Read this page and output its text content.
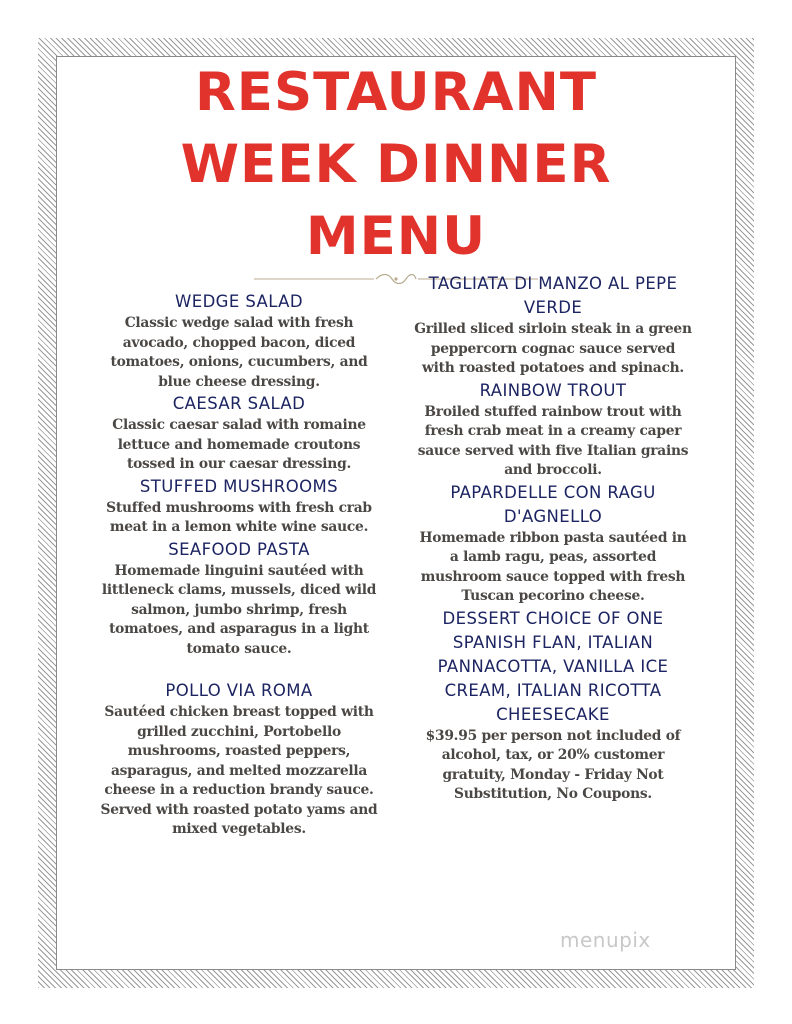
RESTAURANT
WEEK DINNER
MENU
WEDGE SALAD
Classic wedge salad with fresh avocado, chopped bacon, diced tomatoes, onions, cucumbers, and blue cheese dressing.
CAESAR SALAD
Classic caesar salad with romaine lettuce and homemade croutons tossed in our caesar dressing.
STUFFED MUSHROOMS
Stuffed mushrooms with fresh crab meat in a lemon white wine sauce.
SEAFOOD PASTA
Homemade linguini sautéed with littleneck clams, mussels, diced wild salmon, jumbo shrimp, fresh tomatoes, and asparagus in a light tomato sauce.
POLLO VIA ROMA
Sautéed chicken breast topped with grilled zucchini, Portobello mushrooms, roasted peppers, asparagus, and melted mozzarella cheese in a reduction brandy sauce. Served with roasted potato yams and mixed vegetables.
TAGLIATA DI MANZO AL PEPE VERDE
Grilled sliced sirloin steak in a green peppercorn cognac sauce served with roasted potatoes and spinach.
RAINBOW TROUT
Broiled stuffed rainbow trout with fresh crab meat in a creamy caper sauce served with five Italian grains and broccoli.
PAPARDELLE CON RAGU D'AGNELLO
Homemade ribbon pasta sautéed in a lamb ragu, peas, assorted mushroom sauce topped with fresh Tuscan pecorino cheese.
DESSERT CHOICE OF ONE SPANISH FLAN, ITALIAN PANNACOTTA, VANILLA ICE CREAM, ITALIAN RICOTTA CHEESECAKE
$39.95 per person not included of alcohol, tax, or 20% customer gratuity, Monday - Friday Not Substitution, No Coupons.
menupix
